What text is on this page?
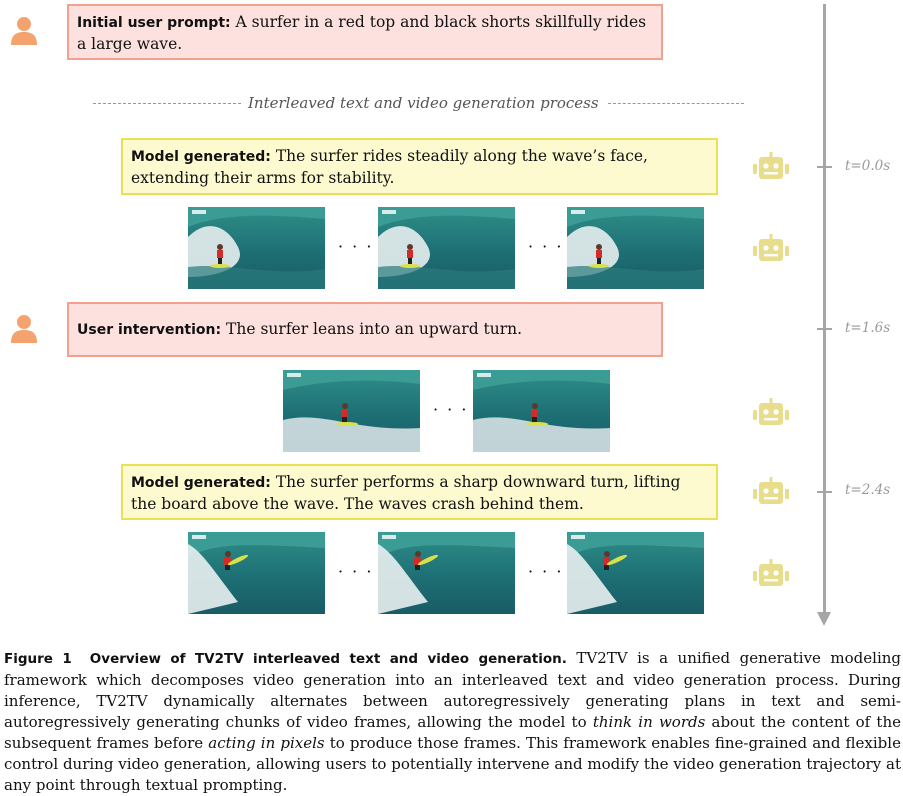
t=0.0s
t=1.6s
t=2.4s
Initial user prompt: A surfer in a red top and black shorts skillfully rides a large wave.
Interleaved text and video generation process
Model generated: The surfer rides steadily along the wave’s face, extending their arms for stability.
· · ·	· · ·
User intervention: The surfer leans into an upward turn.
· · ·
Model generated: The surfer performs a sharp downward turn, lifting the board above the wave. The waves crash behind them.
· · ·	· · ·
Figure 1 Overview of TV2TV interleaved text and video generation. TV2TV is a unified generative modeling framework which decomposes video generation into an interleaved text and video generation process. During inference, TV2TV dynamically alternates between autoregressively generating plans in text and semi-autoregressively generating chunks of video frames, allowing the model to think in words about the content of the subsequent frames before acting in pixels to produce those frames. This framework enables fine-grained and flexible control during video generation, allowing users to potentially intervene and modify the video generation trajectory at any point through textual prompting.
